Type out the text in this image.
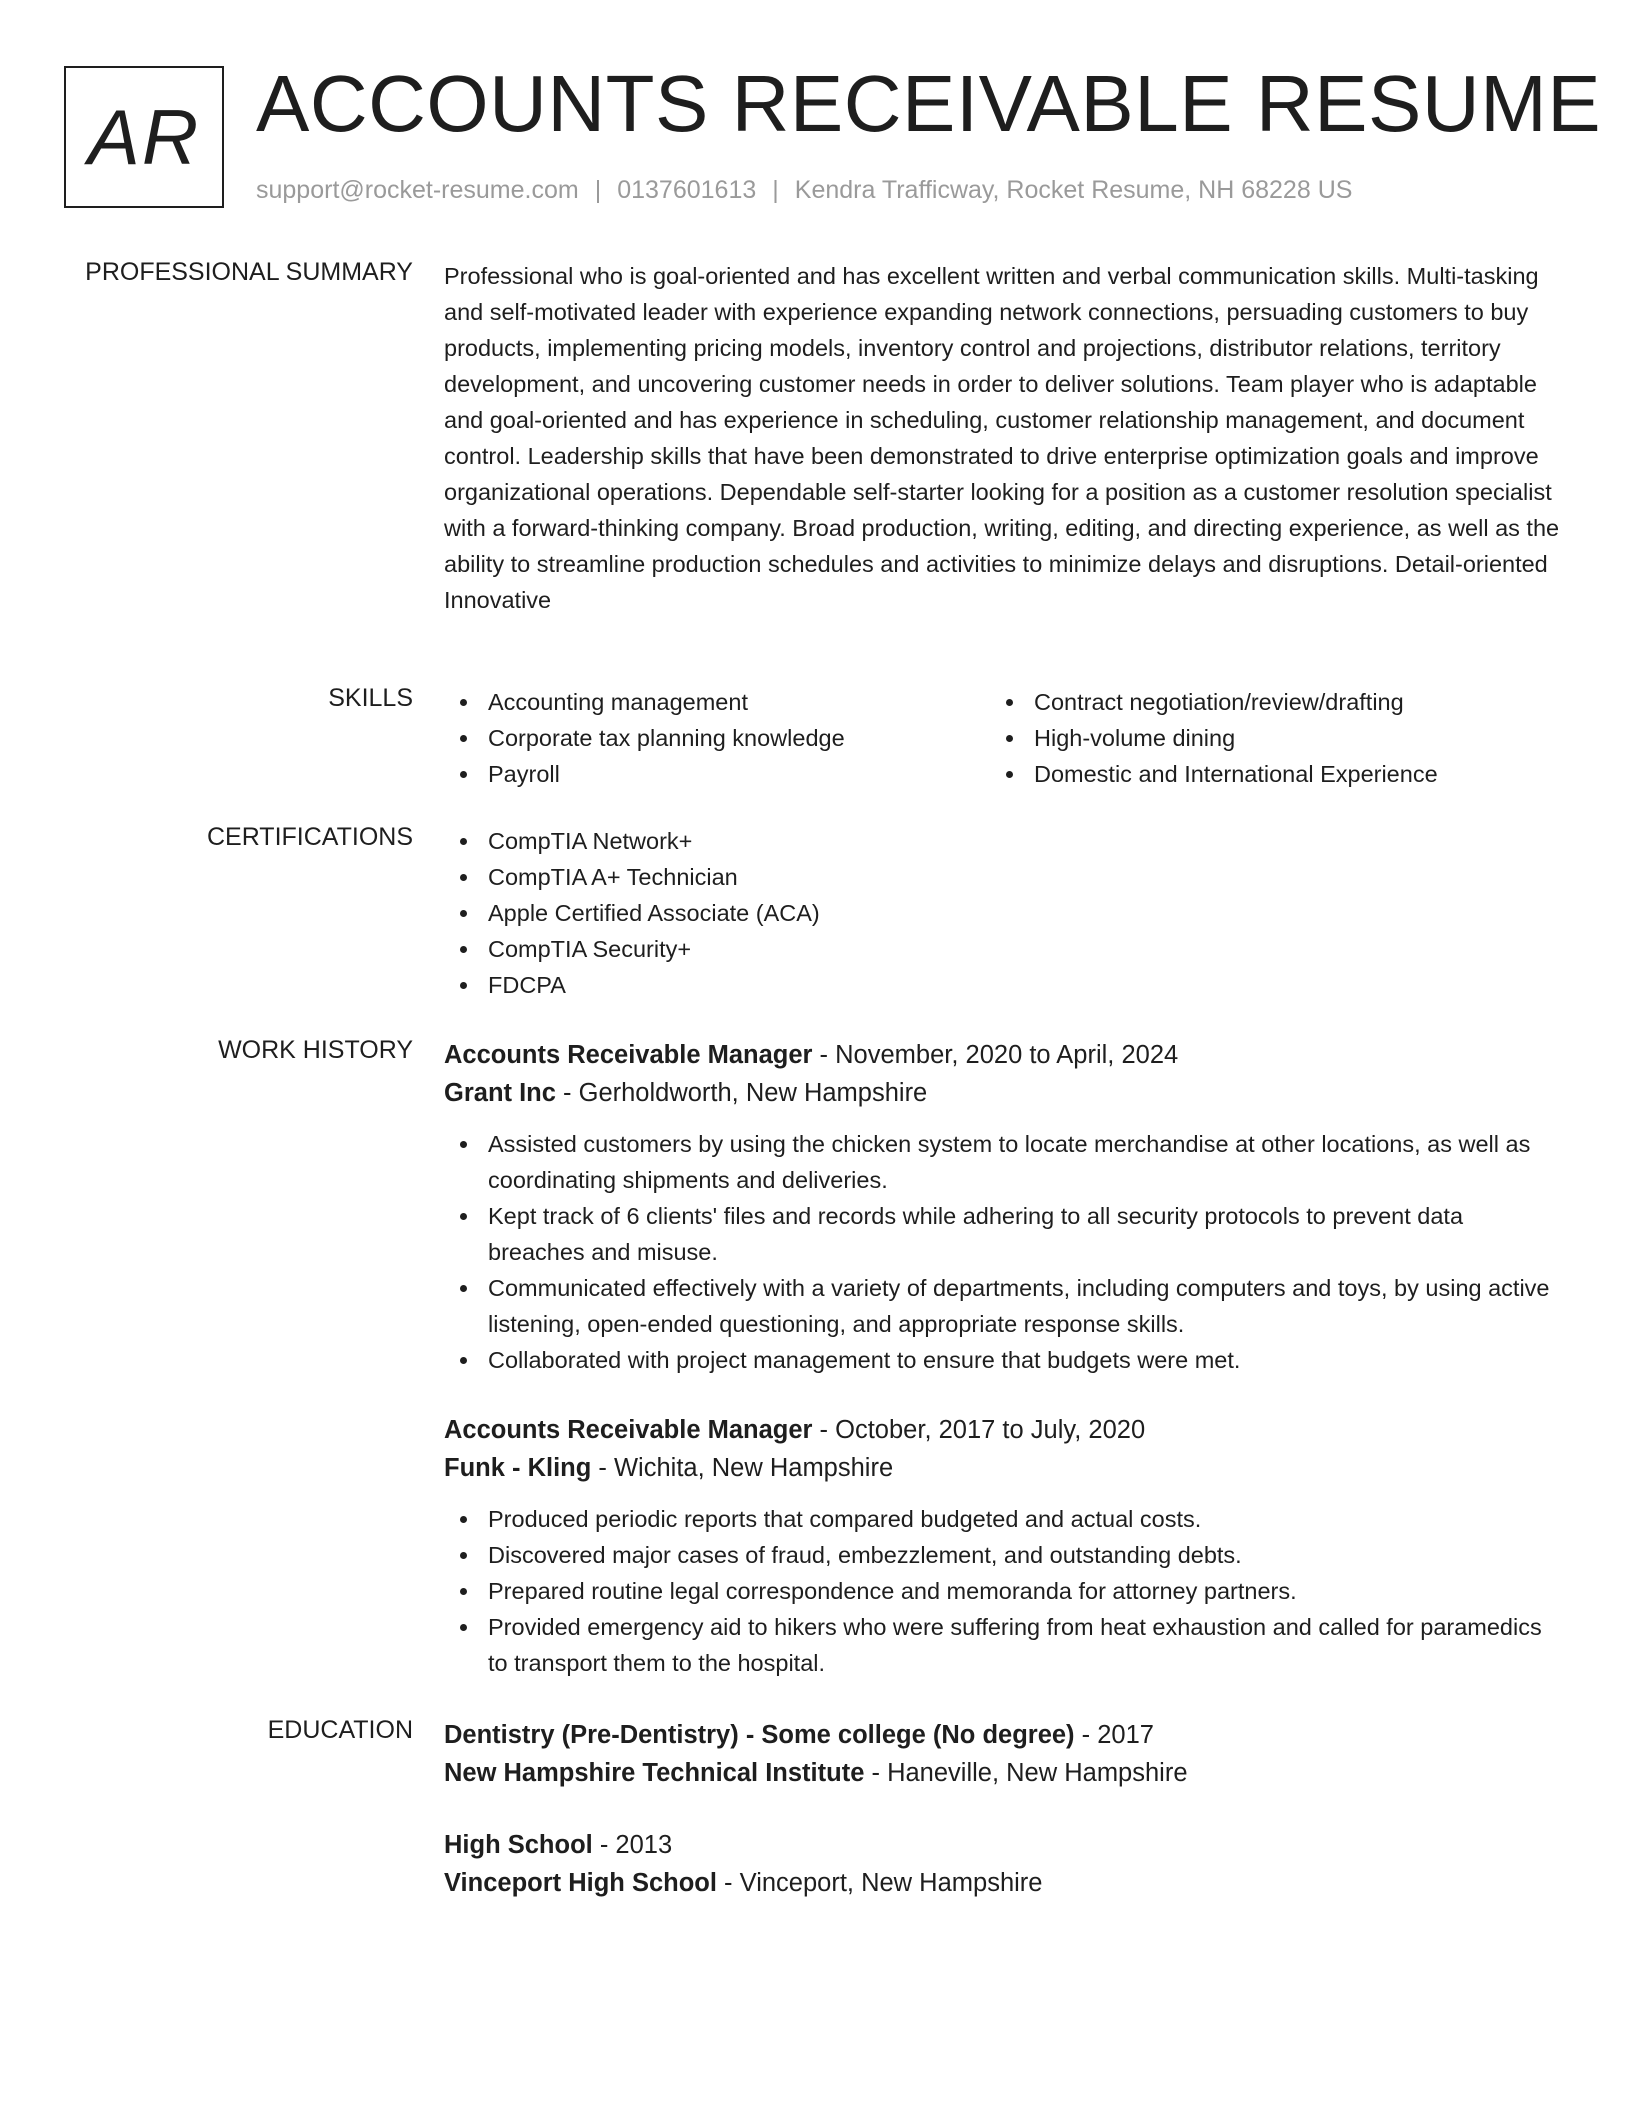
AR ACCOUNTS RECEIVABLE RESUME
support@rocket-resume.com | 0137601613 | Kendra Trafficway, Rocket Resume, NH 68228 US
PROFESSIONAL SUMMARY Professional who is goal-oriented and has excellent written and verbal communication skills. Multi-tasking and self-motivated leader with experience expanding network connections, persuading customers to buy products, implementing pricing models, inventory control and projections, distributor relations, territory development, and uncovering customer needs in order to deliver solutions. Team player who is adaptable and goal-oriented and has experience in scheduling, customer relationship management, and document control. Leadership skills that have been demonstrated to drive enterprise optimization goals and improve organizational operations. Dependable self-starter looking for a position as a customer resolution specialist with a forward-thinking company. Broad production, writing, editing, and directing experience, as well as the ability to streamline production schedules and activities to minimize delays and disruptions. Detail-oriented Innovative

SKILLS	Accounting management
Corporate tax planning knowledge
Payroll
Contract negotiation/review/drafting
High-volume dining
Domestic and International Experience
CERTIFICATIONS	CompTIA Network+
CompTIA A+ Technician
Apple Certified Associate (ACA)
CompTIA Security+
FDCPA
WORK HISTORY Accounts Receivable Manager - November, 2020 to April, 2024
Grant Inc - Gerholdworth, New Hampshire
Assisted customers by using the chicken system to locate merchandise at other locations, as well as coordinating shipments and deliveries.
Kept track of 6 clients' files and records while adhering to all security protocols to prevent data breaches and misuse.
Communicated effectively with a variety of departments, including computers and toys, by using active listening, open-ended questioning, and appropriate response skills.
Collaborated with project management to ensure that budgets were met.
Accounts Receivable Manager - October, 2017 to July, 2020
Funk - Kling - Wichita, New Hampshire
Produced periodic reports that compared budgeted and actual costs.
Discovered major cases of fraud, embezzlement, and outstanding debts.
Prepared routine legal correspondence and memoranda for attorney partners.
Provided emergency aid to hikers who were suffering from heat exhaustion and called for paramedics to transport them to the hospital.
EDUCATION Dentistry (Pre-Dentistry) - Some college (No degree) - 2017
New Hampshire Technical Institute - Haneville, New Hampshire
High School - 2013
Vinceport High School - Vinceport, New Hampshire
